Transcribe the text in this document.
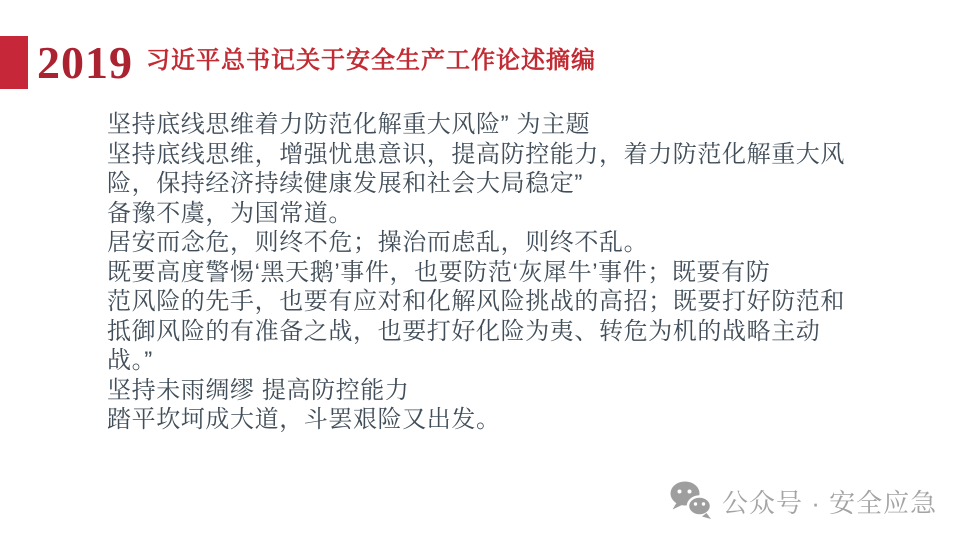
2019 习近平总书记关于安全生产工作论述摘编
坚持底线思维着力防范化解重大风险” 为主题
坚持底线思维，增强忧患意识，提高防控能力，着力防范化解重大风
险，保持经济持续健康发展和社会大局稳定”
备豫不虞，为国常道。
居安而念危，则终不危；操治而虑乱，则终不乱。
既要高度警惕‘黑天鹅’事件，也要防范‘灰犀牛’事件；既要有防
范风险的先手，也要有应对和化解风险挑战的高招；既要打好防范和
抵御风险的有准备之战，也要打好化险为夷、转危为机的战略主动
战。”
坚持未雨绸缪 提高防控能力
踏平坎坷成大道，斗罢艰险又出发。
公众号 · 安全应急
